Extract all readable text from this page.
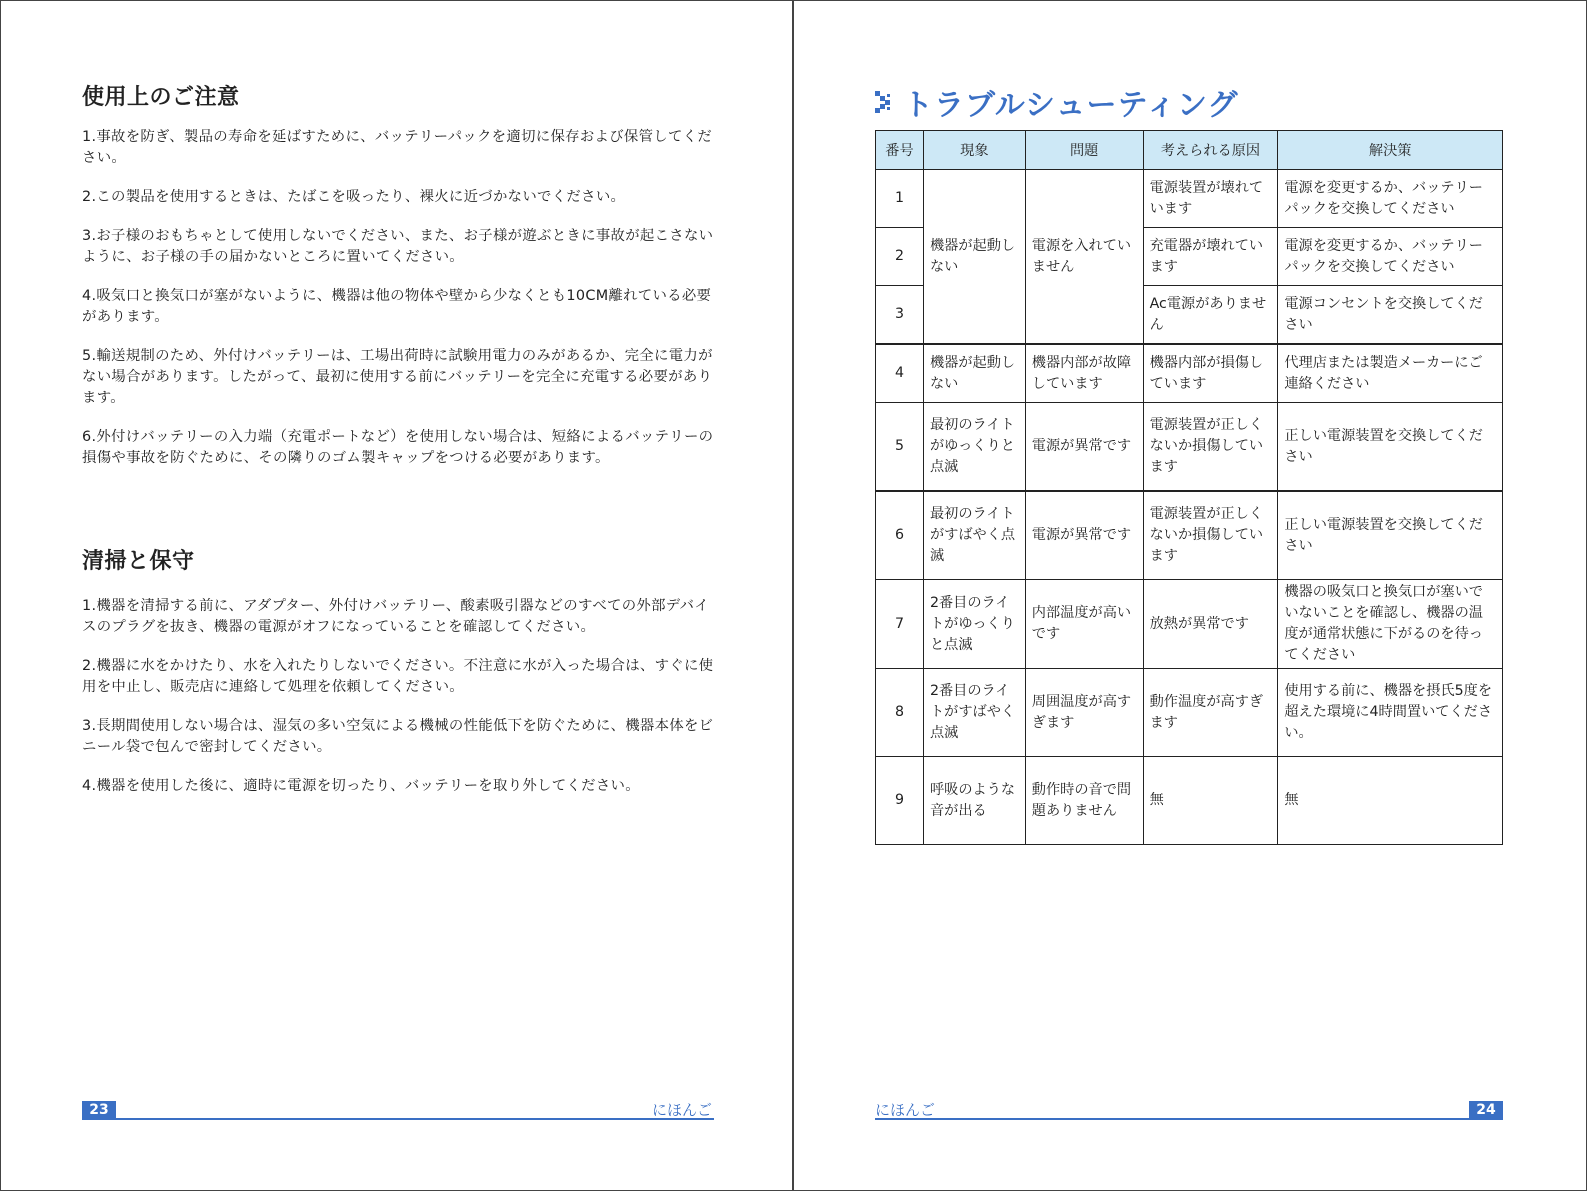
使用上のご注意

1.事故を防ぎ、製品の寿命を延ばすために、バッテリーパックを適切に保存および保管してください。

2.この製品を使用するときは、たばこを吸ったり、裸火に近づかないでください。

3.お子様のおもちゃとして使用しないでください、また、お子様が遊ぶときに事故が起こさないように、お子様の手の届かないところに置いてください。

4.吸気口と換気口が塞がないように、機器は他の物体や壁から少なくとも10CM離れている必要があります。

5.輸送規制のため、外付けバッテリーは、工場出荷時に試験用電力のみがあるか、完全に電力がない場合があります。したがって、最初に使用する前にバッテリーを完全に充電する必要があります。

6.外付けバッテリーの入力端（充電ポートなど）を使用しない場合は、短絡によるバッテリーの損傷や事故を防ぐために、その隣りのゴム製キャップをつける必要があります。

清掃と保守

1.機器を清掃する前に、アダプター、外付けバッテリー、酸素吸引器などのすべての外部デバイスのプラグを抜き、機器の電源がオフになっていることを確認してください。

2.機器に水をかけたり、水を入れたりしないでください。不注意に水が入った場合は、すぐに使用を中止し、販売店に連絡して処理を依頼してください。

3.長期間使用しない場合は、湿気の多い空気による機械の性能低下を防ぐために、機器本体をビニール袋で包んで密封してください。

4.機器を使用した後に、適時に電源を切ったり、バッテリーを取り外してください。

23	にほんご
トラブルシューティング
番号	現象	問題	考えられる原因	解決策
1	機器が起動しない	電源を入れていません	電源装置が壊れています	電源を変更するか、バッテリーパックを交換してください
2			充電器が壊れています	電源を変更するか、バッテリーパックを交換してください
3			Ac電源がありません	電源コンセントを交換してください
4	機器が起動しない	機器内部が故障しています	機器内部が損傷しています	代理店または製造メーカーにご連絡ください
5	最初のライトがゆっくりと点滅	電源が異常です	電源装置が正しくないか損傷しています	正しい電源装置を交換してください
6	最初のライトがすばやく点滅	電源が異常です	電源装置が正しくないか損傷しています	正しい電源装置を交換してください
7	2番目のライトがゆっくりと点滅	内部温度が高いです	放熱が異常です	機器の吸気口と換気口が塞いでいないことを確認し、機器の温度が通常状態に下がるのを待ってください
8	2番目のライトがすばやく点滅	周囲温度が高すぎます	動作温度が高すぎます	使用する前に、機器を摂氏5度を超えた環境に4時間置いてください。
9	呼吸のような音が出る	動作時の音で問題ありません	無	無
にほんご	24
